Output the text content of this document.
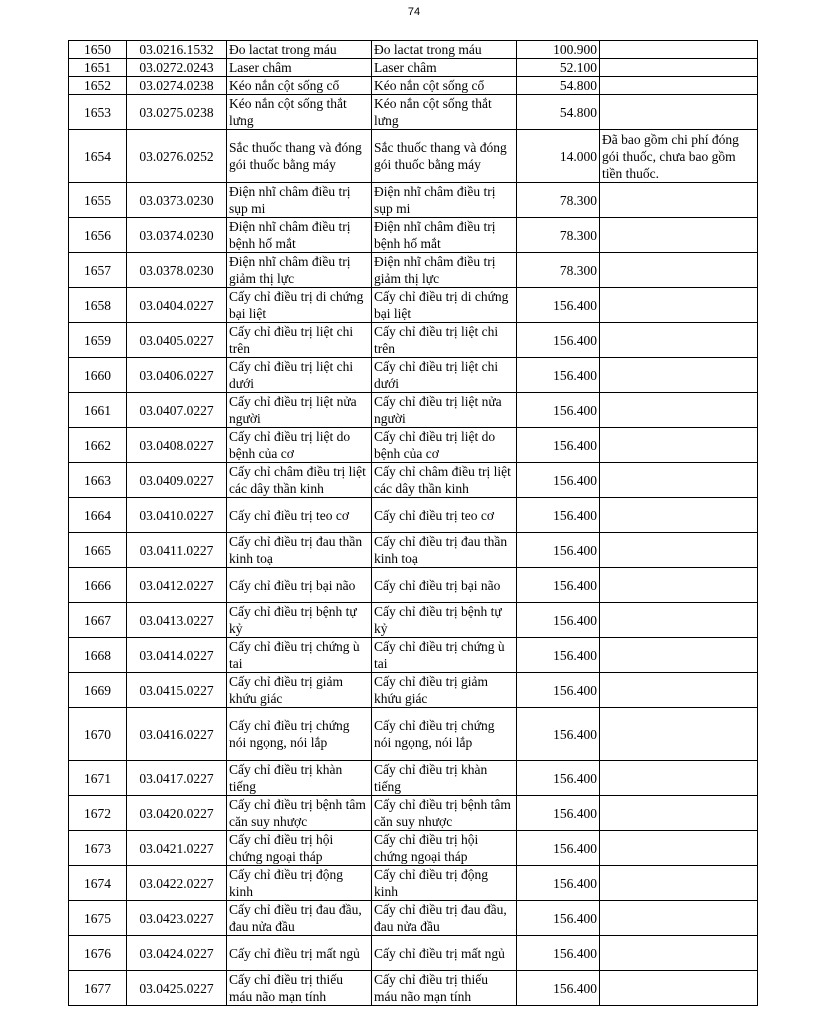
74
1650	03.0216.1532	Đo lactat trong máu	Đo lactat trong máu	100.900	
1651	03.0272.0243	Laser châm	Laser châm	52.100	
1652	03.0274.0238	Kéo nắn cột sống cổ	Kéo nắn cột sống cổ	54.800	
1653	03.0275.0238	Kéo nắn cột sống thắt lưng	Kéo nắn cột sống thắt lưng	54.800	
1654	03.0276.0252	Sắc thuốc thang và đóng gói thuốc bằng máy	Sắc thuốc thang và đóng gói thuốc bằng máy	14.000	Đã bao gồm chi phí đóng gói thuốc, chưa bao gồm tiền thuốc.
1655	03.0373.0230	Điện nhĩ châm điều trị sụp mi	Điện nhĩ châm điều trị sụp mi	78.300	
1656	03.0374.0230	Điện nhĩ châm điều trị bệnh hố mắt	Điện nhĩ châm điều trị bệnh hố mắt	78.300	
1657	03.0378.0230	Điện nhĩ châm điều trị giảm thị lực	Điện nhĩ châm điều trị giảm thị lực	78.300	
1658	03.0404.0227	Cấy chỉ điều trị di chứng bại liệt	Cấy chỉ điều trị di chứng bại liệt	156.400	
1659	03.0405.0227	Cấy chỉ điều trị liệt chi trên	Cấy chỉ điều trị liệt chi trên	156.400	
1660	03.0406.0227	Cấy chỉ điều trị liệt chi dưới	Cấy chỉ điều trị liệt chi dưới	156.400	
1661	03.0407.0227	Cấy chỉ điều trị liệt nửa người	Cấy chỉ điều trị liệt nửa người	156.400	
1662	03.0408.0227	Cấy chỉ điều trị liệt do bệnh của cơ	Cấy chỉ điều trị liệt do bệnh của cơ	156.400	
1663	03.0409.0227	Cấy chỉ châm điều trị liệt các dây thần kinh	Cấy chỉ châm điều trị liệt các dây thần kinh	156.400	
1664	03.0410.0227	Cấy chỉ điều trị teo cơ	Cấy chỉ điều trị teo cơ	156.400	
1665	03.0411.0227	Cấy chỉ điều trị đau thần kinh toạ	Cấy chỉ điều trị đau thần kinh toạ	156.400	
1666	03.0412.0227	Cấy chỉ điều trị bại não	Cấy chỉ điều trị bại não	156.400	
1667	03.0413.0227	Cấy chỉ điều trị bệnh tự kỷ	Cấy chỉ điều trị bệnh tự kỷ	156.400	
1668	03.0414.0227	Cấy chỉ điều trị chứng ù tai	Cấy chỉ điều trị chứng ù tai	156.400	
1669	03.0415.0227	Cấy chỉ điều trị giảm khứu giác	Cấy chỉ điều trị giảm khứu giác	156.400	
1670	03.0416.0227	Cấy chỉ điều trị chứng nói ngọng, nói lắp	Cấy chỉ điều trị chứng nói ngọng, nói lắp	156.400	
1671	03.0417.0227	Cấy chỉ điều trị khàn tiếng	Cấy chỉ điều trị khàn tiếng	156.400	
1672	03.0420.0227	Cấy chỉ điều trị bệnh tâm căn suy nhược	Cấy chỉ điều trị bệnh tâm căn suy nhược	156.400	
1673	03.0421.0227	Cấy chỉ điều trị hội chứng ngoại tháp	Cấy chỉ điều trị hội chứng ngoại tháp	156.400	
1674	03.0422.0227	Cấy chỉ điều trị động kinh	Cấy chỉ điều trị động kinh	156.400	
1675	03.0423.0227	Cấy chỉ điều trị đau đầu, đau nửa đầu	Cấy chỉ điều trị đau đầu, đau nửa đầu	156.400	
1676	03.0424.0227	Cấy chỉ điều trị mất ngủ	Cấy chỉ điều trị mất ngủ	156.400	
1677	03.0425.0227	Cấy chỉ điều trị thiếu máu não mạn tính	Cấy chỉ điều trị thiếu máu não mạn tính	156.400	
